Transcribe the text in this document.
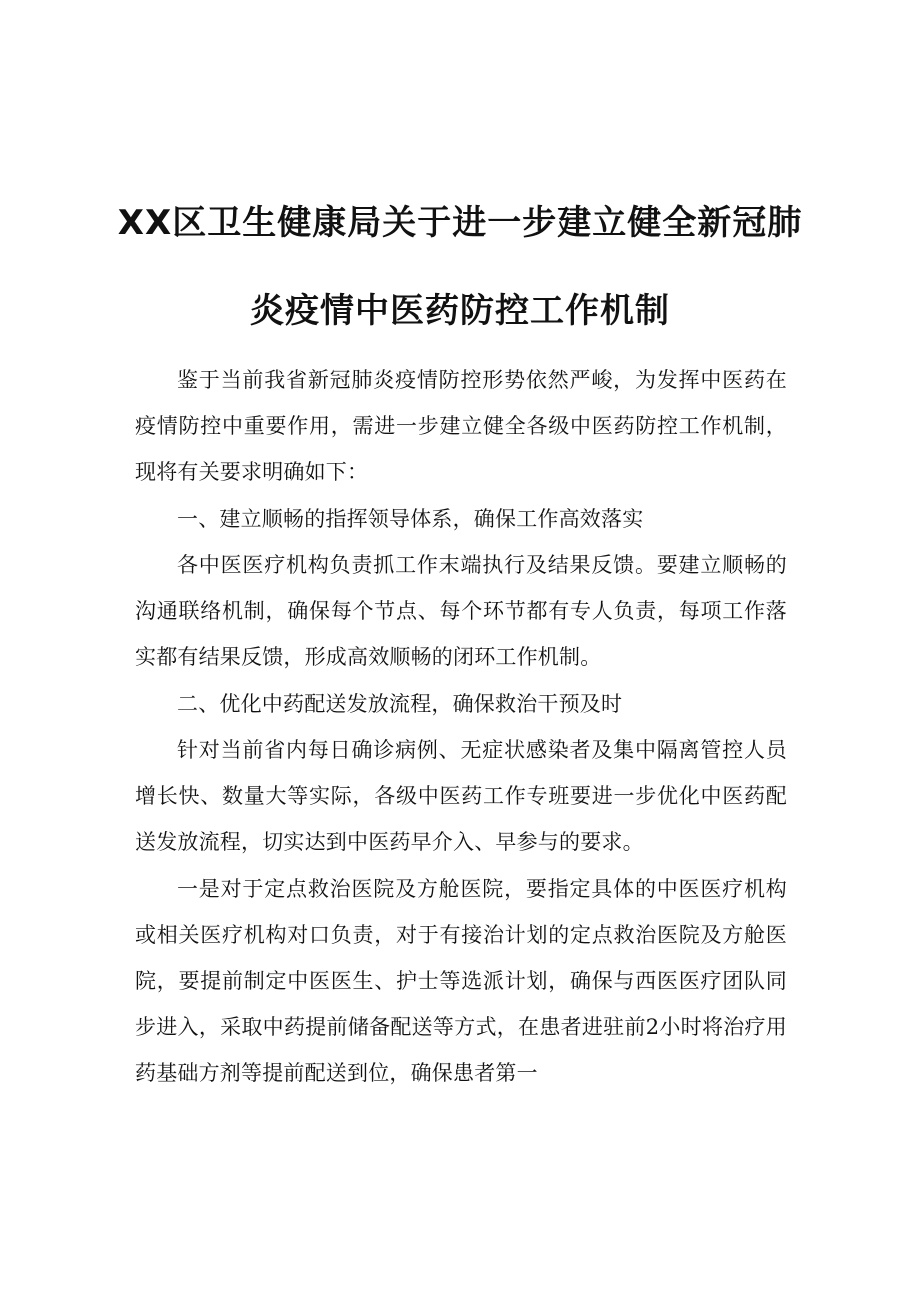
XX区卫生健康局关于进一步建立健全新冠肺
炎疫情中医药防控工作机制

鉴于当前我省新冠肺炎疫情防控形势依然严峻，为发挥中医药在疫情防控中重要作用，需进一步建立健全各级中医药防控工作机制，现将有关要求明确如下：

一、建立顺畅的指挥领导体系，确保工作高效落实

各中医医疗机构负责抓工作末端执行及结果反馈。要建立顺畅的沟通联络机制，确保每个节点、每个环节都有专人负责，每项工作落实都有结果反馈，形成高效顺畅的闭环工作机制。

二、优化中药配送发放流程，确保救治干预及时

针对当前省内每日确诊病例、无症状感染者及集中隔离管控人员增长快、数量大等实际，各级中医药工作专班要进一步优化中医药配送发放流程，切实达到中医药早介入、早参与的要求。

一是对于定点救治医院及方舱医院，要指定具体的中医医疗机构或相关医疗机构对口负责，对于有接治计划的定点救治医院及方舱医院，要提前制定中医医生、护士等选派计划，确保与西医医疗团队同步进入，采取中药提前储备配送等方式，在患者进驻前2小时将治疗用药基础方剂等提前配送到位，确保患者第一
